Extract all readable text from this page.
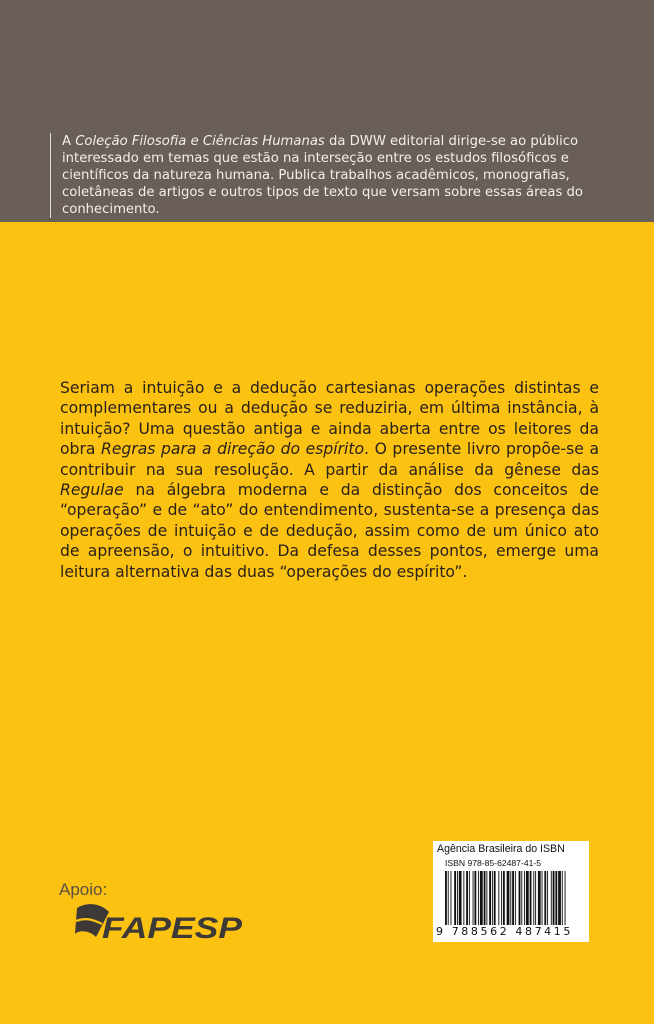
A Coleção Filosofia e Ciências Humanas da DWW editorial dirige-se ao público interessado em temas que estão na interseção entre os estudos filosóficos e científicos da natureza humana. Publica trabalhos acadêmicos, monografias, coletâneas de artigos e outros tipos de texto que versam sobre essas áreas do conhecimento.

Seriam a intuição e a dedução cartesianas operações distintas e complementares ou a dedução se reduziria, em última instância, à intuição? Uma questão antiga e ainda aberta entre os leitores da obra Regras para a direção do espírito. O presente livro propõe-se a contribuir na sua resolução. A partir da análise da gênese das Regulae na álgebra moderna e da distinção dos conceitos de “operação” e de “ato” do entendimento, sustenta-se a presença das operações de intuição e de dedução, assim como de um único ato de apreensão, o intuitivo. Da defesa desses pontos, emerge uma leitura alternativa das duas “operações do espírito”.

Apoio:
FAPESP
Agência Brasileira do ISBN
ISBN 978-85-62487-41-5
9 788562 487415
